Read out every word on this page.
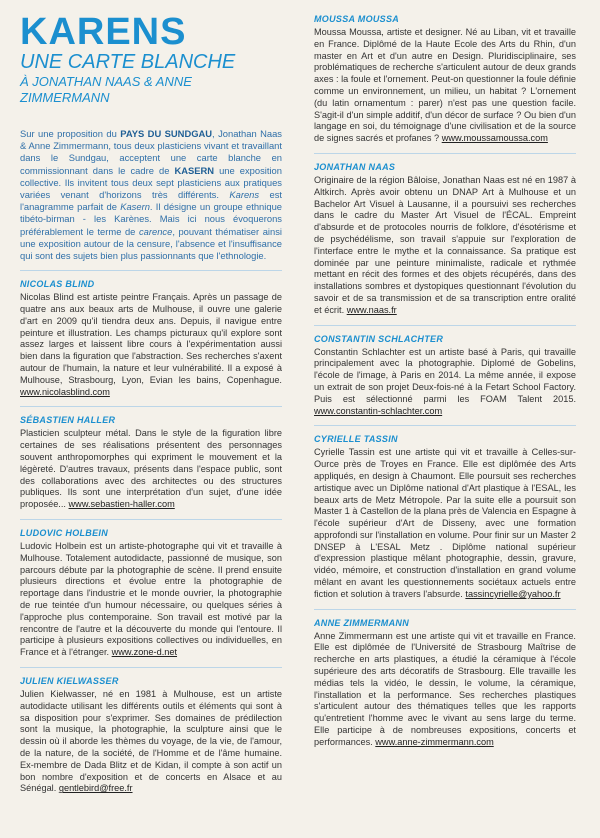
KARENS
UNE CARTE BLANCHE
À JONATHAN NAAS & ANNE ZIMMERMANN
Sur une proposition du PAYS DU SUNDGAU, Jonathan Naas & Anne Zimmermann, tous deux plasticiens vivant et travaillant dans le Sundgau, acceptent une carte blanche en commissionnant dans le cadre de KASERN une exposition collective. Ils invitent tous deux sept plasticiens aux pratiques variées venant d'horizons très différents. Karens est l'anagramme parfait de Kasern. Il désigne un groupe ethnique tibéto-birman - les Karènes. Mais ici nous évoquerons préférablement le terme de carence, pouvant thématiser ainsi une exposition autour de la censure, l'absence et l'insuffisance qui sont des sujets bien plus passionnants que l'ethnologie.
NICOLAS BLIND
Nicolas Blind est artiste peintre Français. Après un passage de quatre ans aux beaux arts de Mulhouse, il ouvre une galerie d'art en 2009 qu'il tiendra deux ans. Depuis, il navigue entre peinture et illustration. Les champs picturaux qu'il explore sont assez larges et laissent libre cours à l'expérimentation aussi bien dans la figuration que l'abstraction. Ses recherches s'axent autour de l'humain, la nature et leur vulnérabilité. Il a exposé à Mulhouse, Strasbourg, Lyon, Evian les bains, Copenhague. www.nicolasblind.com
SÉBASTIEN HALLER
Plasticien sculpteur métal. Dans le style de la figuration libre certaines de ses réalisations présentent des personnages souvent anthropomorphes qui expriment le mouvement et la légèreté. D'autres travaux, présents dans l'espace public, sont des collaborations avec des architectes ou des structures publiques. Ils sont une interprétation d'un sujet, d'une idée proposée... www.sebastien-haller.com
LUDOVIC HOLBEIN
Ludovic Holbein est un artiste-photographe qui vit et travaille à Mulhouse. Totalement autodidacte, passionné de musique, son parcours débute par la photographie de scène. Il prend ensuite plusieurs directions et évolue entre la photographie de reportage dans l'industrie et le monde ouvrier, la photographie de rue teintée d'un humour nécessaire, ou quelques séries à l'approche plus contemporaine. Son travail est motivé par la rencontre de l'autre et la découverte du monde qui l'entoure. Il participe à plusieurs expositions collectives ou individuelles, en France et à l'étranger. www.zone-d.net
JULIEN KIELWASSER
Julien Kielwasser, né en 1981 à Mulhouse, est un artiste autodidacte utilisant les différents outils et éléments qui sont à sa disposition pour s'exprimer. Ses domaines de prédilection sont la musique, la photographie, la sculpture ainsi que le dessin où il aborde les thèmes du voyage, de la vie, de l'amour, de la nature, de la société, de l'Homme et de l'âme humaine. Ex-membre de Dada Blitz et de Kidan, il compte à son actif un bon nombre d'exposition et de concerts en Alsace et au Sénégal. gentlebird@free.fr
MOUSSA MOUSSA
Moussa Moussa, artiste et designer. Né au Liban, vit et travaille en France. Diplômé de la Haute Ecole des Arts du Rhin, d'un master en Art et d'un autre en Design. Pluridisciplinaire, ses problématiques de recherche s'articulent autour de deux grands axes : la foule et l'ornement. Peut-on questionner la foule définie comme un environnement, un milieu, un habitat ? L'ornement (du latin ornamentum : parer) n'est pas une question facile. S'agit-il d'un simple additif, d'un décor de surface ? Ou bien d'un langage en soi, du témoignage d'une civilisation et de la source de signes sacrés et profanes ? www.moussamoussa.com
JONATHAN NAAS
Originaire de la région Bâloise, Jonathan Naas est né en 1987 à Altkirch. Après avoir obtenu un DNAP Art à Mulhouse et un Bachelor Art Visuel à Lausanne, il a poursuivi ses recherches dans le cadre du Master Art Visuel de l'ÉCAL. Empreint d'absurde et de protocoles nourris de folklore, d'ésotérisme et de psychédélisme, son travail s'appuie sur l'exploration de l'interface entre le mythe et la connaissance. Sa pratique est dominée par une peinture minimaliste, radicale et rythmée mettant en récit des formes et des objets récupérés, dans des installations sombres et dystopiques questionnant l'évolution du savoir et de sa transmission et de sa transcription entre oralité et écrit. www.naas.fr
CONSTANTIN SCHLACHTER
Constantin Schlachter est un artiste basé à Paris, qui travaille principalement avec la photographie. Diplomé de Gobelins, l'école de l'image, à Paris en 2014. La même année, il expose un extrait de son projet Deux-fois-né à la Fetart School Factory. Puis est sélectionné parmi les FOAM Talent 2015. www.constantin-schlachter.com
CYRIELLE TASSIN
Cyrielle Tassin est une artiste qui vit et travaille à Celles-sur-Ource près de Troyes en France. Elle est diplômée des Arts appliqués, en design à Chaumont. Elle poursuit ses recherches artistique avec un Diplôme national d'Art plastique à l'ESAL, les beaux arts de Metz Métropole. Par la suite elle a poursuit son Master 1 à Castellon de la plana près de Valencia en Espagne à l'école supérieur d'Art de Disseny, avec une formation approfondi sur l'installation en volume. Pour finir sur un Master 2 DNSEP à L'ESAL Metz . Diplôme national supérieur d'expression plastique mêlant photographie, dessin, gravure, vidéo, mémoire, et construction d'installation en grand volume mêlant en avant les questionnements sociétaux actuels entre fiction et solution à travers l'absurde. tassincyrielle@yahoo.fr
ANNE ZIMMERMANN
Anne Zimmermann est une artiste qui vit et travaille en France. Elle est diplômée de l'Université de Strasbourg Maîtrise de recherche en arts plastiques, a étudié la céramique à l'école supérieure des arts décoratifs de Strasbourg. Elle travaille les médias tels la vidéo, le dessin, le volume, la céramique, l'installation et la performance. Ses recherches plastiques s'articulent autour des thématiques telles que les rapports qu'entretient l'homme avec le vivant au sens large du terme. Elle participe à de nombreuses expositions, concerts et performances. www.anne-zimmermann.com
